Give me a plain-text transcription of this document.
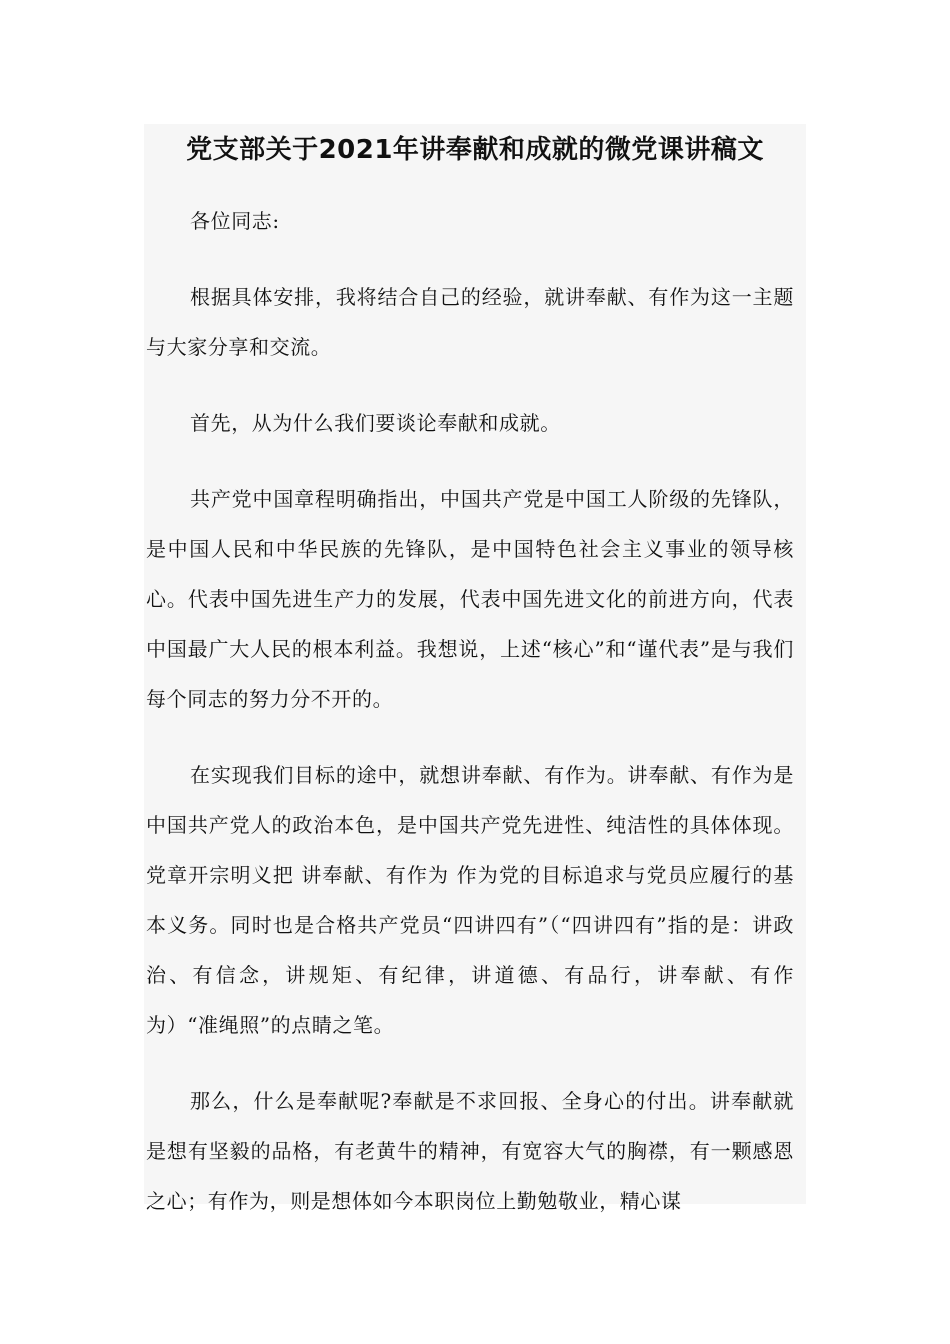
党支部关于2021年讲奉献和成就的微党课讲稿文

各位同志:

根据具体安排，我将结合自己的经验，就讲奉献、有作为这一主题与大家分享和交流。

首先，从为什么我们要谈论奉献和成就。

共产党中国章程明确指出，中国共产党是中国工人阶级的先锋队，是中国人民和中华民族的先锋队，是中国特色社会主义事业的领导核心。代表中国先进生产力的发展，代表中国先进文化的前进方向，代表中国最广大人民的根本利益。我想说，上述“核心”和“谨代表”是与我们每个同志的努力分不开的。

在实现我们目标的途中，就想讲奉献、有作为。讲奉献、有作为是中国共产党人的政治本色，是中国共产党先进性、纯洁性的具体体现。党章开宗明义把 讲奉献、有作为 作为党的目标追求与党员应履行的基本义务。同时也是合格共产党员“四讲四有”（“四讲四有”指的是：讲政治、有信念，讲规矩、有纪律，讲道德、有品行，讲奉献、有作为）“准绳照”的点睛之笔。

那么，什么是奉献呢?奉献是不求回报、全身心的付出。讲奉献就是想有坚毅的品格，有老黄牛的精神，有宽容大气的胸襟，有一颗感恩之心；有作为，则是想体如今本职岗位上勤勉敬业，精心谋
